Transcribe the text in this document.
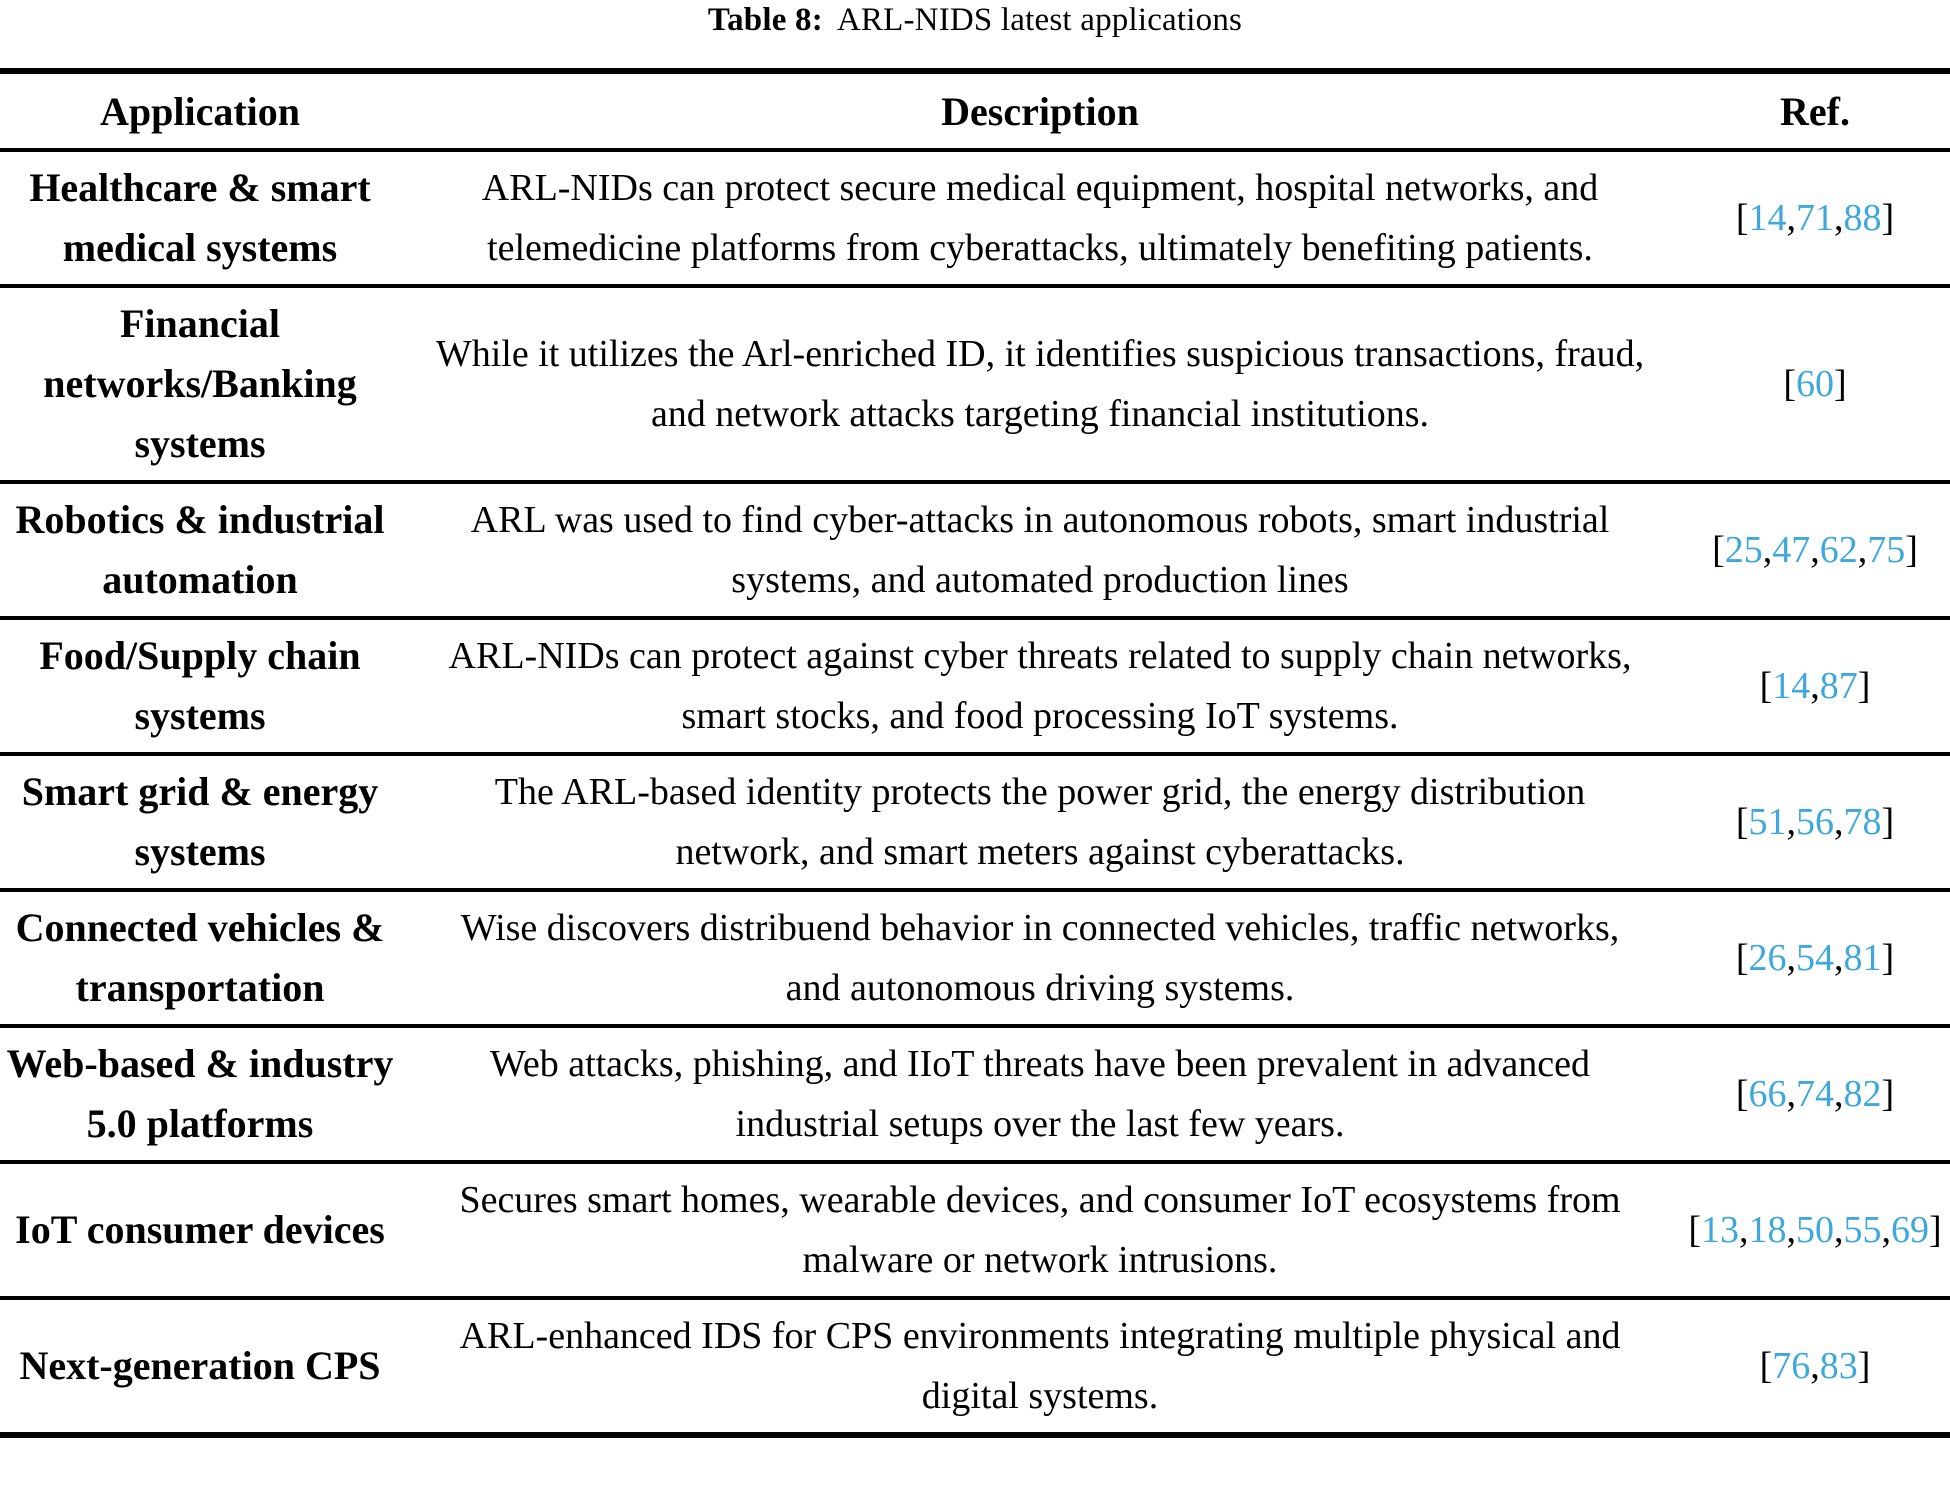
Table 8: ARL-NIDS latest applications
Application	Description	Ref.
Healthcare & smart medical systems	ARL-NIDs can protect secure medical equipment, hospital networks, and telemedicine platforms from cyberattacks, ultimately benefiting patients.	[14,71,88]
Financial networks/Banking systems	While it utilizes the Arl-enriched ID, it identifies suspicious transactions, fraud, and network attacks targeting financial institutions.	[60]
Robotics & industrial automation	ARL was used to find cyber-attacks in autonomous robots, smart industrial systems, and automated production lines	[25,47,62,75]
Food/Supply chain systems	ARL-NIDs can protect against cyber threats related to supply chain networks, smart stocks, and food processing IoT systems.	[14,87]
Smart grid & energy systems	The ARL-based identity protects the power grid, the energy distribution network, and smart meters against cyberattacks.	[51,56,78]
Connected vehicles & transportation	Wise discovers distribuend behavior in connected vehicles, traffic networks, and autonomous driving systems.	[26,54,81]
Web-based & industry 5.0 platforms	Web attacks, phishing, and IIoT threats have been prevalent in advanced industrial setups over the last few years.	[66,74,82]
IoT consumer devices	Secures smart homes, wearable devices, and consumer IoT ecosystems from malware or network intrusions.	[13,18,50,55,69]
Next-generation CPS	ARL-enhanced IDS for CPS environments integrating multiple physical and digital systems.	[76,83]
